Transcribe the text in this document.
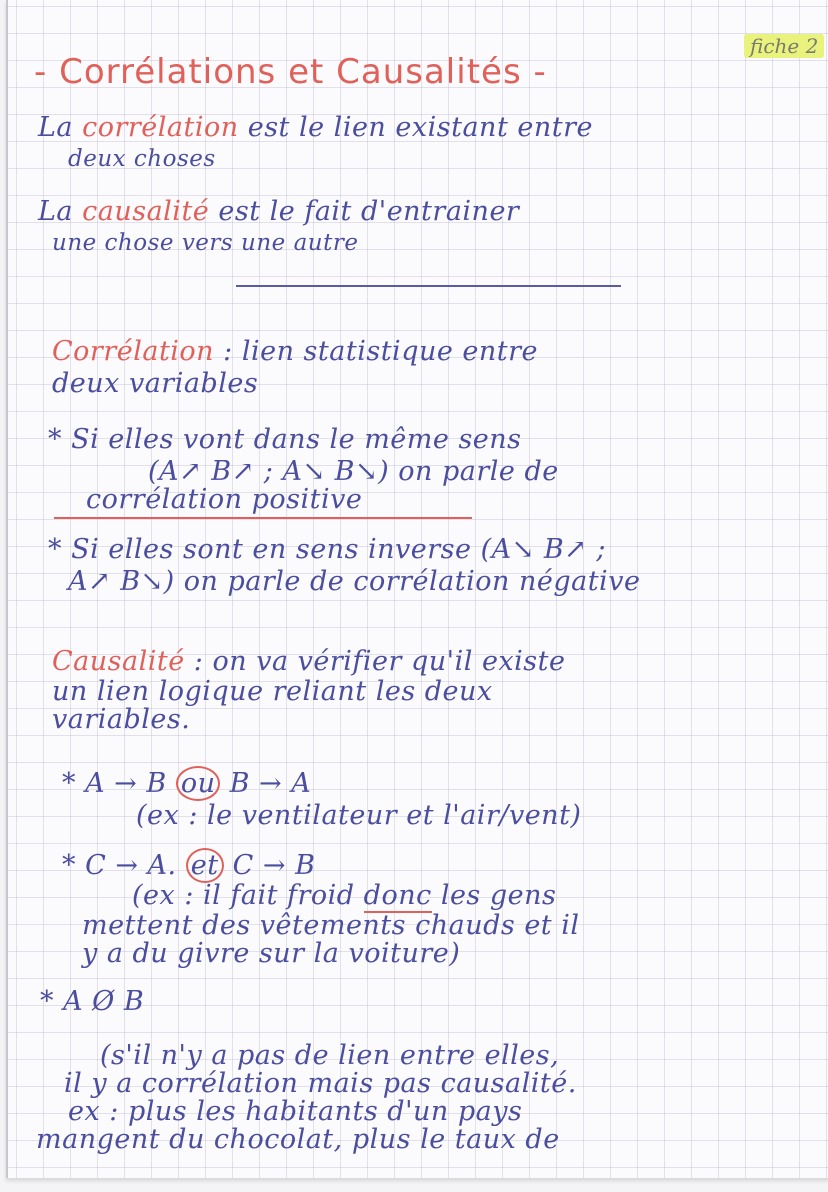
- Corrélations et Causalités -
fiche 2
La corrélation est le lien existant entre
deux choses
La causalité est le fait d'entrainer
une chose vers une autre
Corrélation : lien statistique entre
deux variables
* Si elles vont dans le même sens
(A↗ B↗ ; A↘ B↘) on parle de
corrélation positive
* Si elles sont en sens inverse (A↘ B↗ ;
A↗ B↘) on parle de corrélation négative
Causalité : on va vérifier qu'il existe
un lien logique reliant les deux
variables.
* A → B ou B → A
(ex : le ventilateur et l'air/vent)
* C → A. et C → B
(ex : il fait froid donc les gens
mettent des vêtements chauds et il
y a du givre sur la voiture)
* A Ø B
(s'il n'y a pas de lien entre elles,
il y a corrélation mais pas causalité.
ex : plus les habitants d'un pays
mangent du chocolat, plus le taux de
